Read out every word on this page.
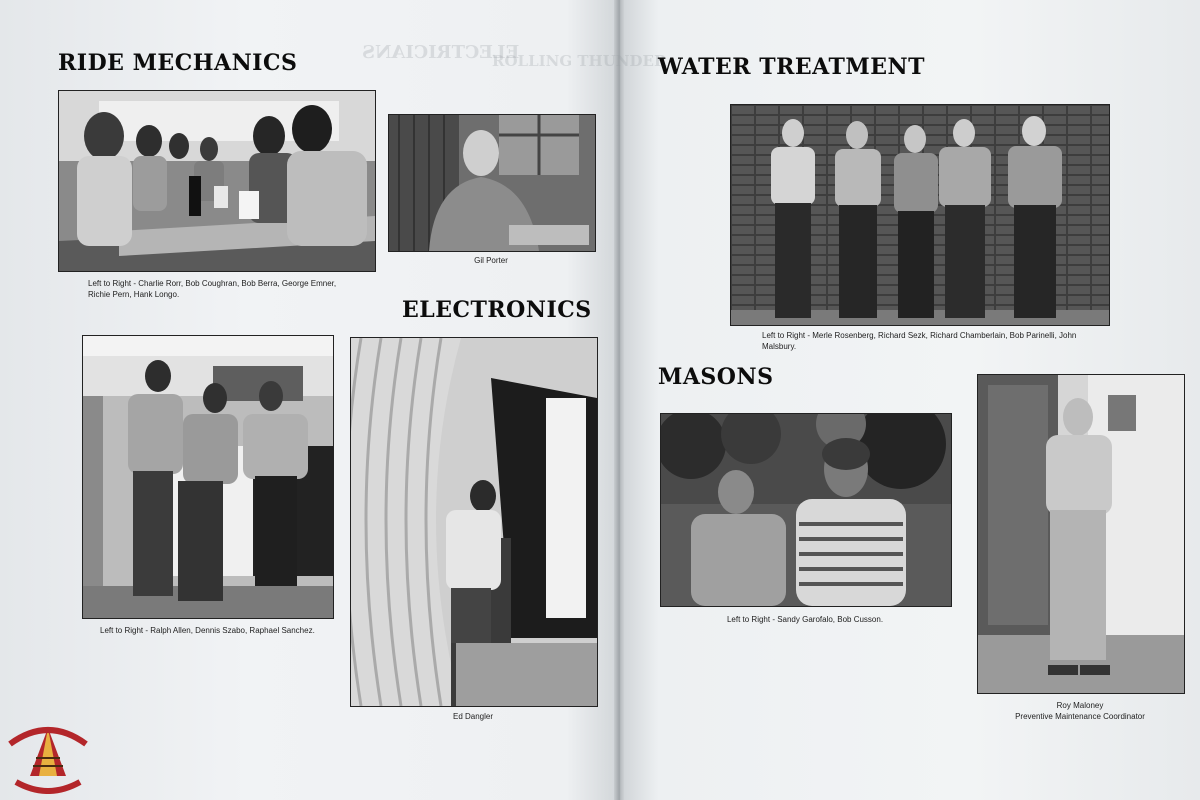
RIDE MECHANICS
Left to Right - Charlie Rorr, Bob Coughran, Bob Berra, George Emner, Richie Pern, Hank Longo.
Gil Porter
ELECTRONICS
Left to Right - Ralph Allen, Dennis Szabo, Raphael Sanchez.
Ed Dangler
ELECTRICIANS
ROLLING THUNDER
WATER TREATMENT
Left to Right - Merle Rosenberg, Richard Sezk, Richard Chamberlain, Bob Parinelli, John Malsbury.
MASONS
Left to Right - Sandy Garofalo, Bob Cusson.
Roy Maloney
Preventive Maintenance Coordinator
